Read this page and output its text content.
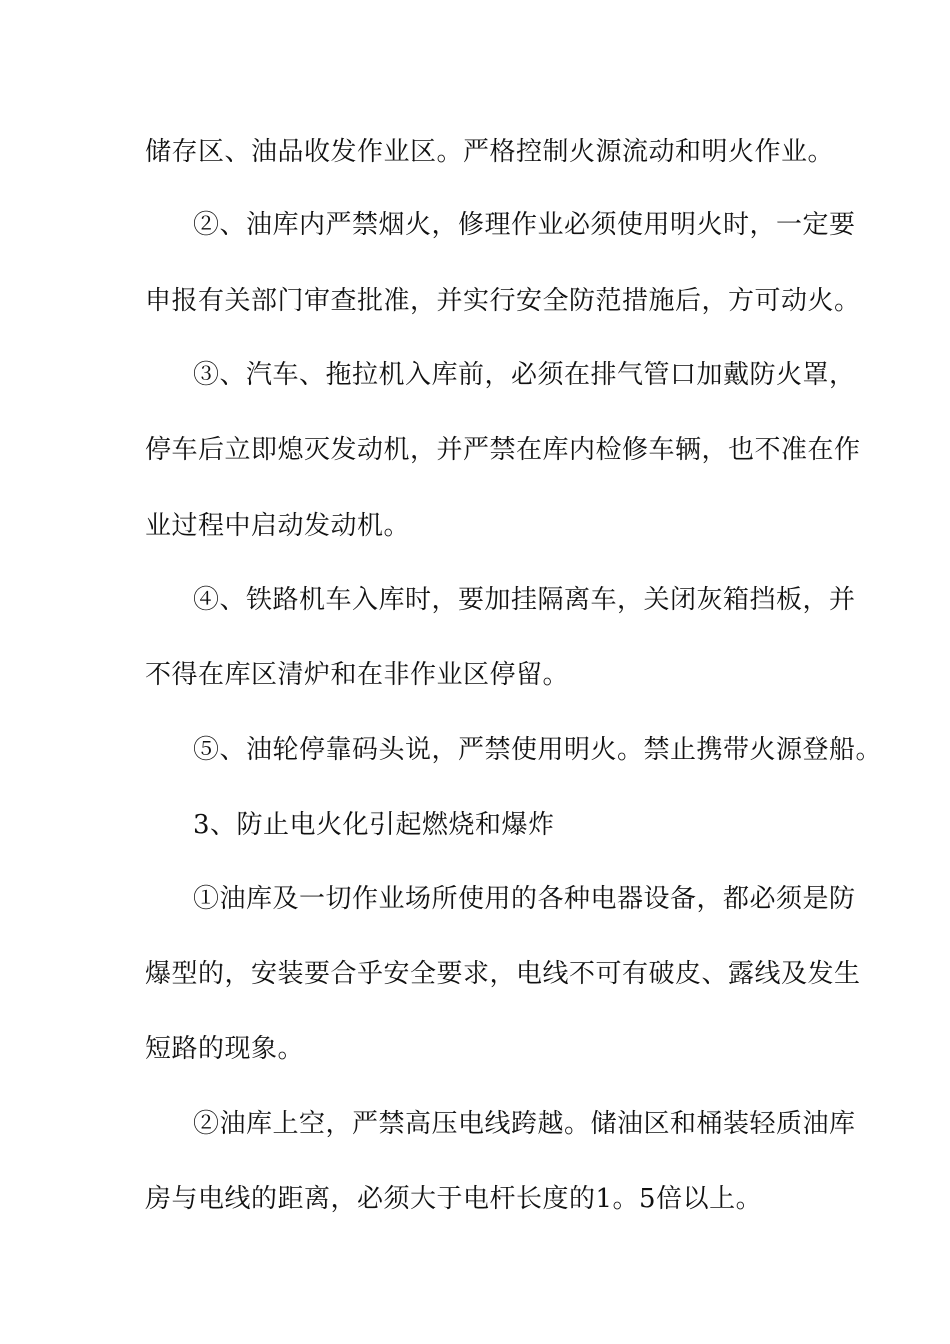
储存区、油品收发作业区。严格控制火源流动和明火作业。
②、油库内严禁烟火，修理作业必须使用明火时，一定要
申报有关部门审查批准，并实行安全防范措施后，方可动火。
③、汽车、拖拉机入库前，必须在排气管口加戴防火罩，
停车后立即熄灭发动机，并严禁在库内检修车辆，也不准在作
业过程中启动发动机。
④、铁路机车入库时，要加挂隔离车，关闭灰箱挡板，并
不得在库区清炉和在非作业区停留。
⑤、油轮停靠码头说，严禁使用明火。禁止携带火源登船。
3、防止电火化引起燃烧和爆炸
①油库及一切作业场所使用的各种电器设备，都必须是防
爆型的，安装要合乎安全要求，电线不可有破皮、露线及发生
短路的现象。
②油库上空，严禁高压电线跨越。储油区和桶装轻质油库
房与电线的距离，必须大于电杆长度的1。5倍以上。
